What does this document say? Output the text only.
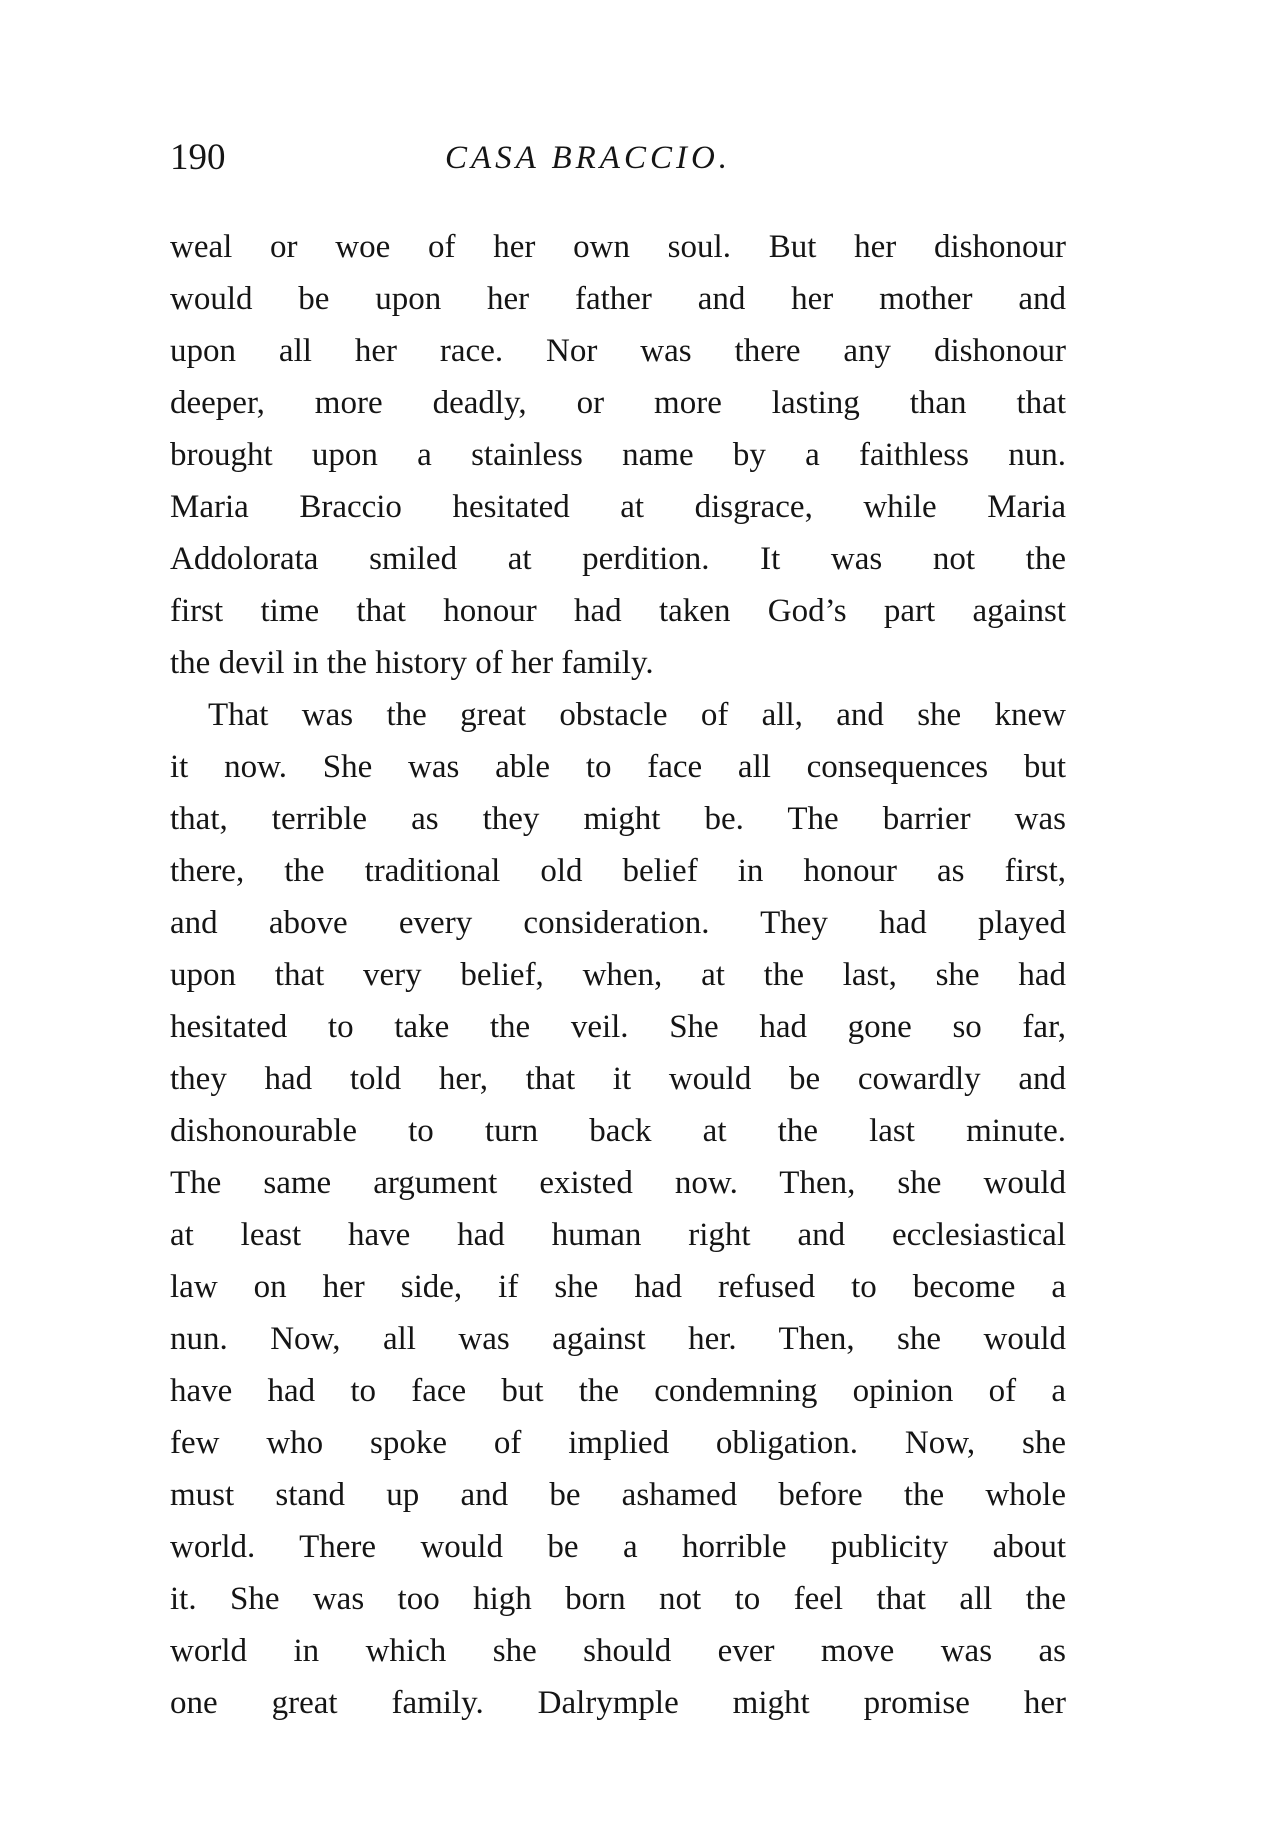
190	CASA BRACCIO.
weal or woe of her own soul. But her dishonour
would be upon her father and her mother and
upon all her race. Nor was there any dishonour
deeper, more deadly, or more lasting than that
brought upon a stainless name by a faithless nun.
Maria Braccio hesitated at disgrace, while Maria
Addolorata smiled at perdition. It was not the
first time that honour had taken God’s part against
the devil in the history of her family.
That was the great obstacle of all, and she knew
it now. She was able to face all consequences but
that, terrible as they might be. The barrier was
there, the traditional old belief in honour as first,
and above every consideration. They had played
upon that very belief, when, at the last, she had
hesitated to take the veil. She had gone so far,
they had told her, that it would be cowardly and
dishonourable to turn back at the last minute.
The same argument existed now. Then, she would
at least have had human right and ecclesiastical
law on her side, if she had refused to become a
nun. Now, all was against her. Then, she would
have had to face but the condemning opinion of a
few who spoke of implied obligation. Now, she
must stand up and be ashamed before the whole
world. There would be a horrible publicity about
it. She was too high born not to feel that all the
world in which she should ever move was as
one great family. Dalrymple might promise her
